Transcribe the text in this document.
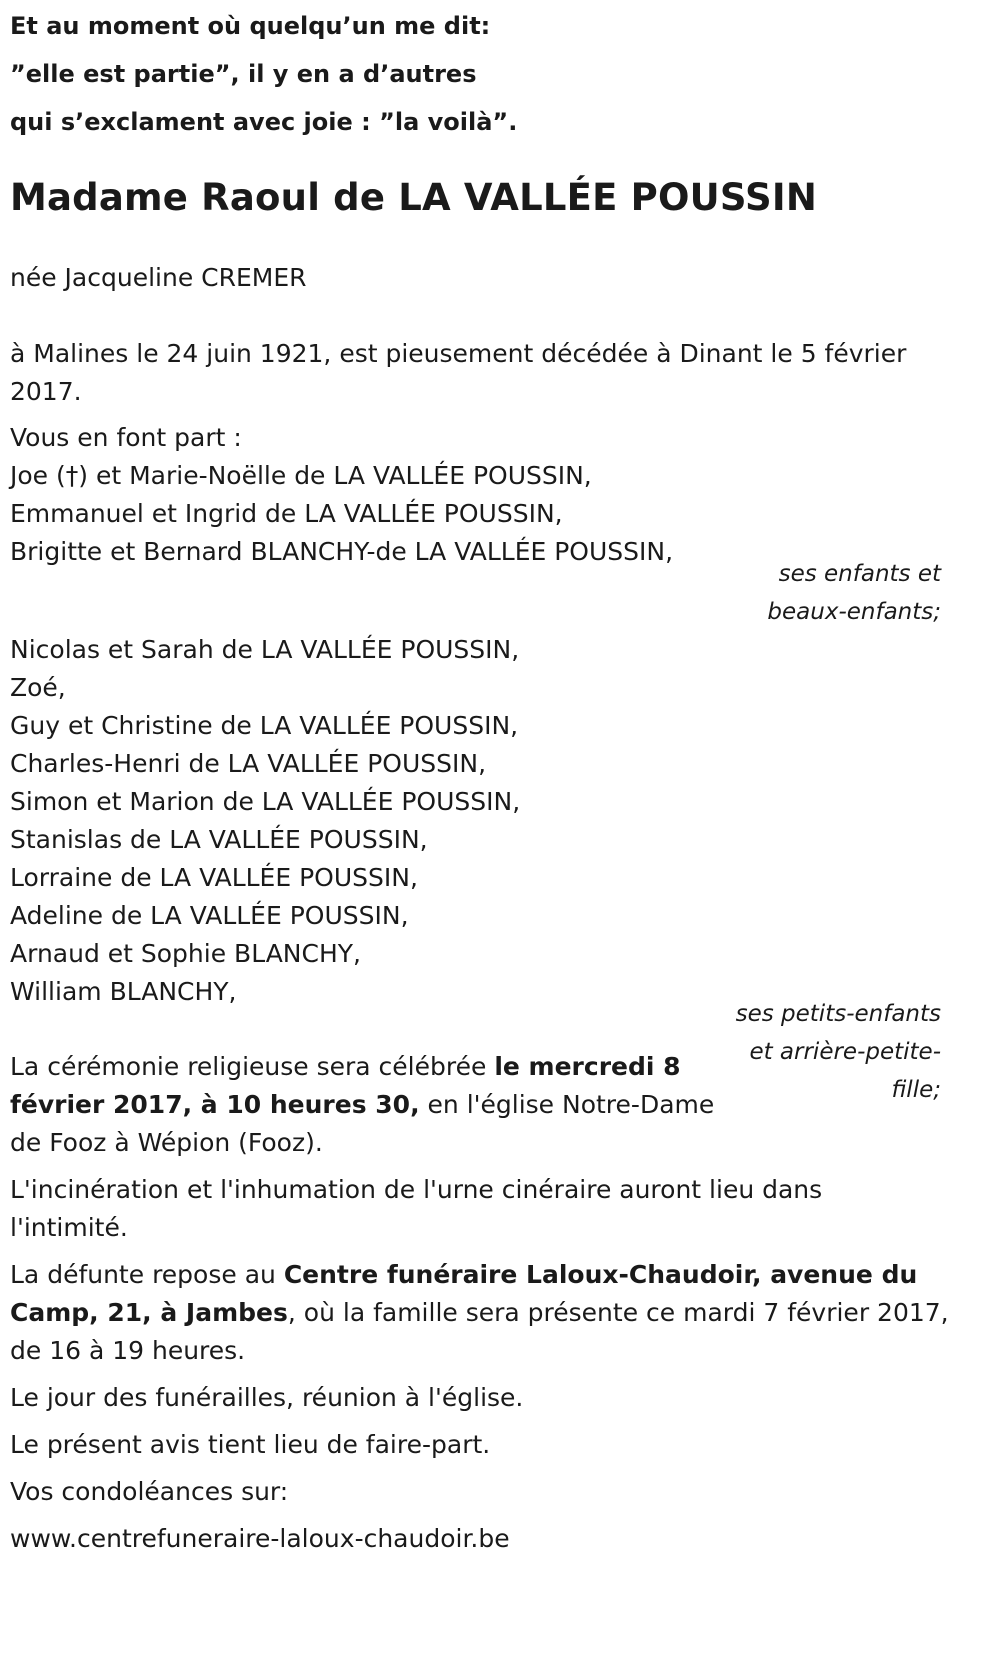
Et au moment où quelqu’un me dit:
”elle est partie”, il y en a d’autres
qui s’exclament avec joie : ”la voilà”.
Madame Raoul de LA VALLÉE POUSSIN
née Jacqueline CREMER
à Malines le 24 juin 1921, est pieusement décédée à Dinant le 5 février
2017.
Vous en font part :
Joe (†) et Marie-Noëlle de LA VALLÉE POUSSIN,
Emmanuel et Ingrid de LA VALLÉE POUSSIN,
Brigitte et Bernard BLANCHY-de LA VALLÉE POUSSIN,
ses enfants et
beaux-enfants;
Nicolas et Sarah de LA VALLÉE POUSSIN,
Zoé,
Guy et Christine de LA VALLÉE POUSSIN,
Charles-Henri de LA VALLÉE POUSSIN,
Simon et Marion de LA VALLÉE POUSSIN,
Stanislas de LA VALLÉE POUSSIN,
Lorraine de LA VALLÉE POUSSIN,
Adeline de LA VALLÉE POUSSIN,
Arnaud et Sophie BLANCHY,
William BLANCHY,
ses petits-enfants
et arrière-petite-
fille;
La cérémonie religieuse sera célébrée le mercredi 8
février 2017, à 10 heures 30, en l'église Notre-Dame
de Fooz à Wépion (Fooz).
L'incinération et l'inhumation de l'urne cinéraire auront lieu dans
l'intimité.
La défunte repose au Centre funéraire Laloux-Chaudoir, avenue du
Camp, 21, à Jambes, où la famille sera présente ce mardi 7 février 2017,
de 16 à 19 heures.
Le jour des funérailles, réunion à l'église.
Le présent avis tient lieu de faire-part.
Vos condoléances sur:
www.centrefuneraire-laloux-chaudoir.be
